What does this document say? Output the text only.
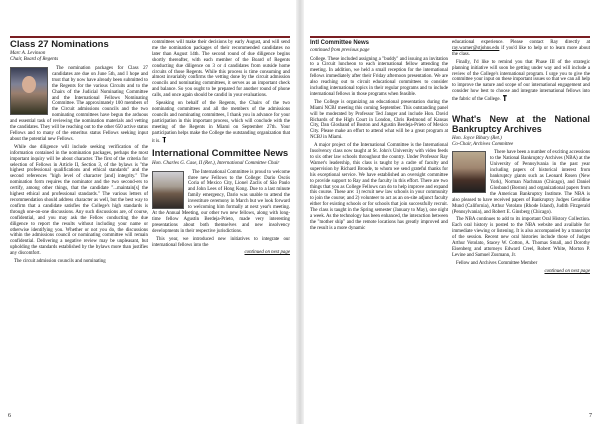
Class 27 Nominations
Marc A. Levinson
Chair, Board of Regents

The nomination packages for Class 27 candidates are due on June 5th, and I hope and trust that by now have already been submitted to the Regents for the various Circuits and to the Chairs of the Judicial Nominating Committee and the International Fellows Nominating Committee. The approximately 100 members of the Circuit admissions councils and the two nominating committees have begun the arduous and essential task of reviewing the nomination materials and vetting the candidates. They will be reaching out to the other 650 active status Fellows and to many of the emeritus status Fellows seeking input about the potential new Fellows.

While due diligence will include seeking verification of the information contained in the nomination packages, perhaps the most important inquiry will be about character. The first of the criteria for selection of Fellows in Article II, Section 3, of the bylaws is "the highest professional qualifications and ethical standards" and the second references "high level of character [and] integrity." The nomination form requires the nominator and the two second-ers to certify, among other things, that the candidate "...maintain[s] the highest ethical and professional standards." The various letters of recommendation should address character as well, but the best way to confirm that a candidate satisfies the College's high standards is through one-on-one discussions. Any such discussions are, of course, confidential, and you may ask the Fellow conducting the due diligence to report the results without including your name or otherwise identifying you. Whether or not you do, the discussions within the admissions council or nominating committee will remain confidential. Delivering a negative review may be unpleasant, but upholding the standards established by the bylaws more than justifies any discomfort.

The circuit admission councils and nominating

committees will make their decisions by early August, and will send me the nomination packages of their recommended candidates no later than August 14th. The second round of due diligence begins shortly thereafter, with each member of the Board of Regents conducting due diligence on 3 or 4 candidates from outside home circuits of those Regents. While this process is time consuming and almost invariably confirms the vetting done by the circuit admission councils and nominating committees, it serves as an important check and balance. So you ought to be prepared for another round of phone calls, and once again should be candid in your evaluations.

Speaking on behalf of the Regents, the Chairs of the two nominating committees and all the members of the admissions councils and nominating committees, I thank you in advance for your participation in this important process, which will conclude with the meeting of the Regents in Miami on September 27th. Your participation helps make the College the outstanding organization that it is.

International Committee News
Hon. Charles G. Case, II (Ret.), International Committee Chair

The International Committee is proud to welcome three new Fellows to the College: Dario Oscós Coria of Mexico City, Lionel Zaclis of São Paulo and John Lees of Hong Kong. Due to a last minute family emergency, Dario was unable to attend the investiture ceremony in March but we look forward to welcoming him formally at next year's meeting. At the Annual Meeting, our other two new fellows, along with long-time fellow Agustin Berdeja-Prieto, made very interesting presentations about both themselves and new insolvency developments in their respective jurisdictions.

This year, we introduced new initiatives to integrate our international fellows into the

continued on next page
Intl Committee News
continued from previous page

College. These included assigning a "buddy" and issuing an invitation to a Circuit luncheon to each international fellow attending the meeting. In addition, we held a small reception for the international fellows immediately after their Friday afternoon presentation. We are also reaching out to circuit educational committees to consider including international topics in their regular programs and to include international fellows in those programs when feasible.

The College is organizing an educational presentation during the Miami NCBJ meeting this coming September. This outstanding panel will be moderated by Professor Ted Janger and include Hon. David Richards of the High Court in London, Chris Redmond of Kansas City, Dan Glosband of Boston and Agustin Berdeja-Prieto of Mexico City. Please make an effort to attend what will be a great program at NCBJ in Miami.

A major project of the International Committee is the International Insolvency class now taught at St. John's University with video feeds to six other law schools throughout the country. Under Professor Ray Warner's leadership, this class is taught by a cadre of faculty and supervision by Richard Broude, to whom we send grateful thanks for his exceptional service. We have established an oversight committee to provide support to Ray and the faculty in this effort. There are two things that you as College Fellows can do to help improve and expand this course. These are: 1) recruit new law schools in your community to join the course; and 2) volunteer to act as an on-site adjunct faculty either for existing schools or for schools that join successfully recruit. The class is taught in the Spring semester (January to May), one night a week. As the technology has been enhanced, the interaction between the "mother ship" and the remote locations has greatly improved and the result is a more dynamic

educational experience. Please contact Ray directly at ray.warner@stjohns.edu if you'd like to help or to learn more about the class.

Finally, I'd like to remind you that Phase III of the strategic planning initiative will soon be getting under way and will include a review of the College's international program. I urge you to give the committee your input on these important issues so that we can all help to improve the nature and scope of our international engagement and consider how best to choose and integrate international fellows into the fabric of the College.

What's New at the National Bankruptcy Archives
Hon. Joyce Bihary (Ret.)
Co-Chair, Archives Committee

There have been a number of exciting accessions to the National Bankruptcy Archives (NBA) at the University of Pennsylvania in the past year including papers of historical interest from bankruptcy giants such as Leonard Rosen (New York), Norman Nachman (Chicago), and Daniel Glosband (Boston) and organizational papers from the American Bankruptcy Institute. The NBA is also pleased to have received papers of Bankruptcy Judges Geraldine Mund (California), Arthur Votolato (Rhode Island), Judith Fitzgerald (Pennsylvania), and Robert E. Ginsberg (Chicago).

The NBA continues to add to its important Oral History Collection. Each oral history is posted to the NBA website and available for immediate viewing or listening. It is also accompanied by a transcript of the session. Recent new oral histories include those of Judges Arthur Votolato, Stacey W. Cotton, A. Thomas Small, and Dorothy Eisenberg and attorneys Edward Creel, Robert White, Morton P. Levine and Samuel Zusmann, Jr.

Fellow and Archives Committee Member

continued on next page
6	7
